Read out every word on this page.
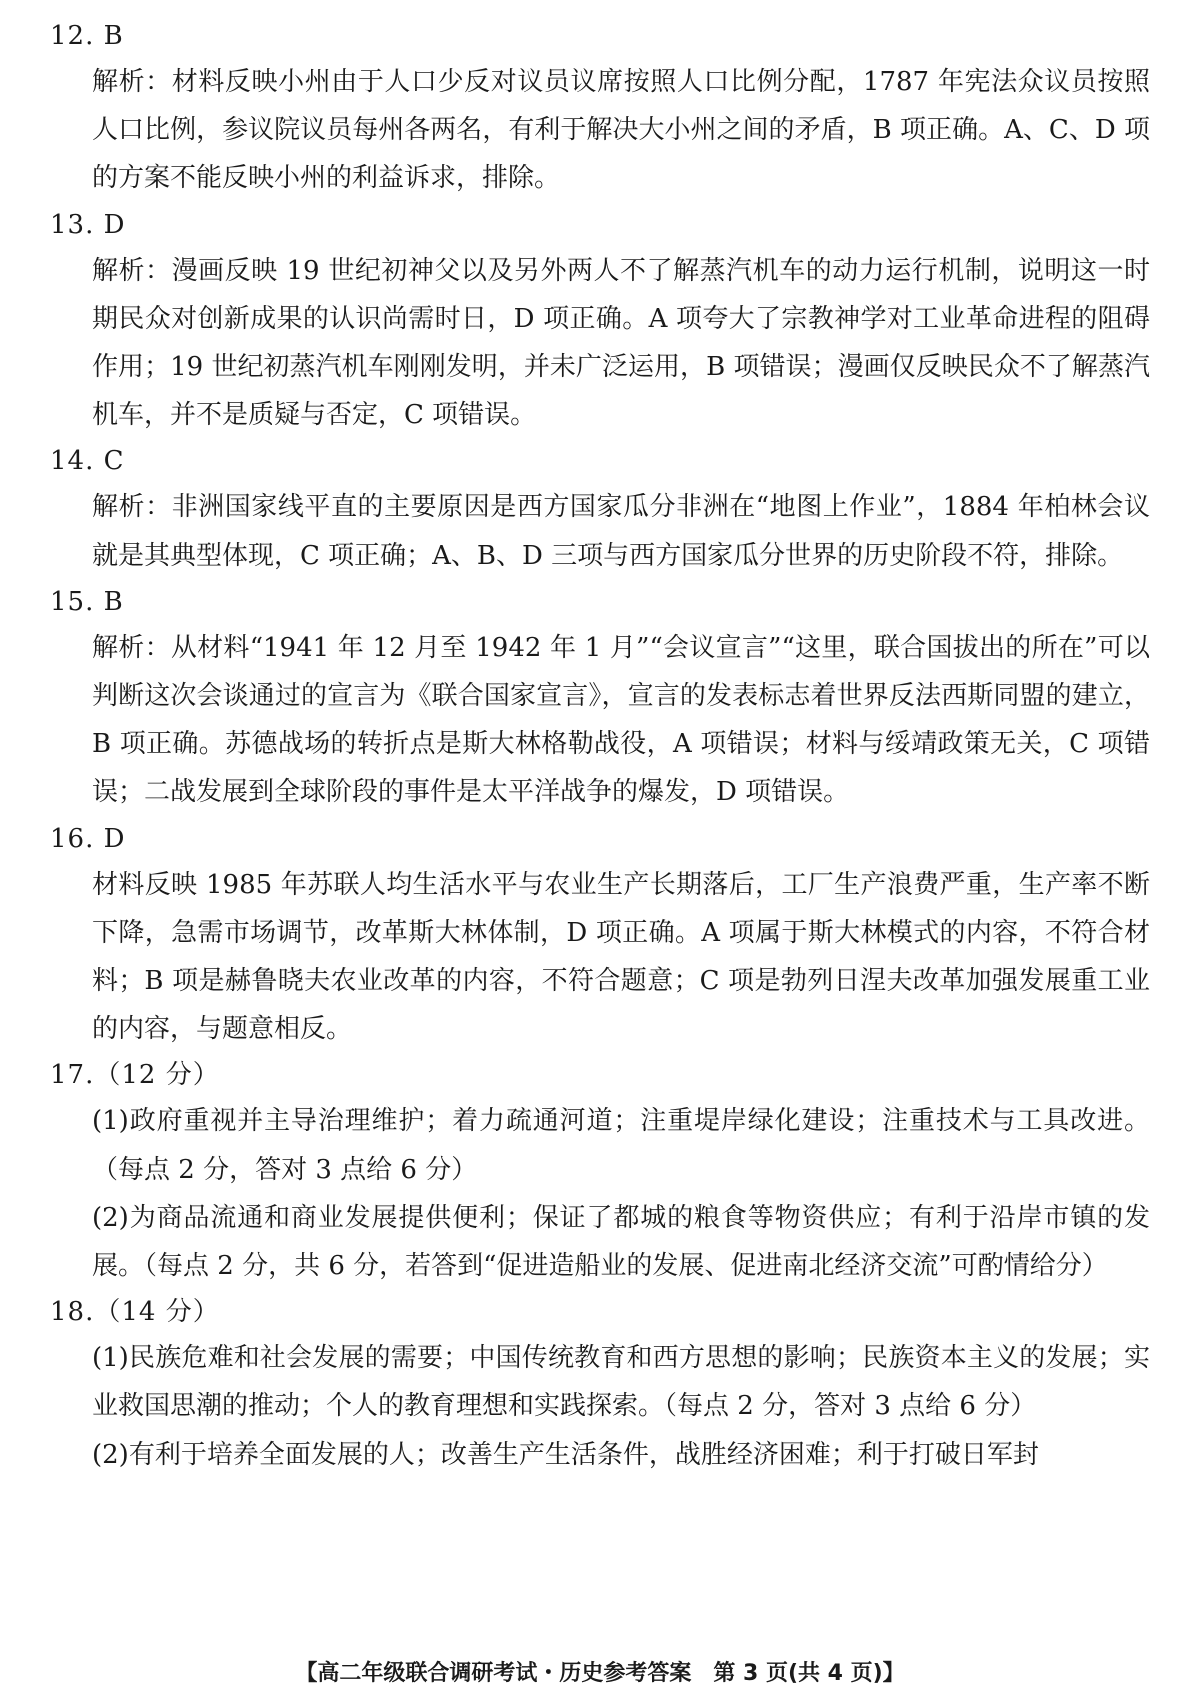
12. B

解析：材料反映小州由于人口少反对议员议席按照人口比例分配，1787 年宪法众议员按照人口比例，参议院议员每州各两名，有利于解决大小州之间的矛盾，B 项正确。A、C、D 项的方案不能反映小州的利益诉求，排除。

13. D

解析：漫画反映 19 世纪初神父以及另外两人不了解蒸汽机车的动力运行机制，说明这一时期民众对创新成果的认识尚需时日，D 项正确。A 项夸大了宗教神学对工业革命进程的阻碍作用；19 世纪初蒸汽机车刚刚发明，并未广泛运用，B 项错误；漫画仅反映民众不了解蒸汽机车，并不是质疑与否定，C 项错误。

14. C

解析：非洲国家线平直的主要原因是西方国家瓜分非洲在“地图上作业”，1884 年柏林会议就是其典型体现，C 项正确；A、B、D 三项与西方国家瓜分世界的历史阶段不符，排除。

15. B

解析：从材料“1941 年 12 月至 1942 年 1 月”“会议宣言”“这里，联合国拔出的所在”可以判断这次会谈通过的宣言为《联合国家宣言》，宣言的发表标志着世界反法西斯同盟的建立，B 项正确。苏德战场的转折点是斯大林格勒战役，A 项错误；材料与绥靖政策无关，C 项错误；二战发展到全球阶段的事件是太平洋战争的爆发，D 项错误。

16. D

材料反映 1985 年苏联人均生活水平与农业生产长期落后，工厂生产浪费严重，生产率不断下降，急需市场调节，改革斯大林体制，D 项正确。A 项属于斯大林模式的内容，不符合材料；B 项是赫鲁晓夫农业改革的内容，不符合题意；C 项是勃列日涅夫改革加强发展重工业的内容，与题意相反。

17.（12 分）

(1)政府重视并主导治理维护；着力疏通河道；注重堤岸绿化建设；注重技术与工具改进。（每点 2 分，答对 3 点给 6 分）

(2)为商品流通和商业发展提供便利；保证了都城的粮食等物资供应；有利于沿岸市镇的发展。（每点 2 分，共 6 分，若答到“促进造船业的发展、促进南北经济交流”可酌情给分）

18.（14 分）

(1)民族危难和社会发展的需要；中国传统教育和西方思想的影响；民族资本主义的发展；实业救国思潮的推动；个人的教育理想和实践探索。（每点 2 分，答对 3 点给 6 分）

(2)有利于培养全面发展的人；改善生产生活条件，战胜经济困难；利于打破日军封

【高二年级联合调研考试・历史参考答案　第 3 页(共 4 页)】
